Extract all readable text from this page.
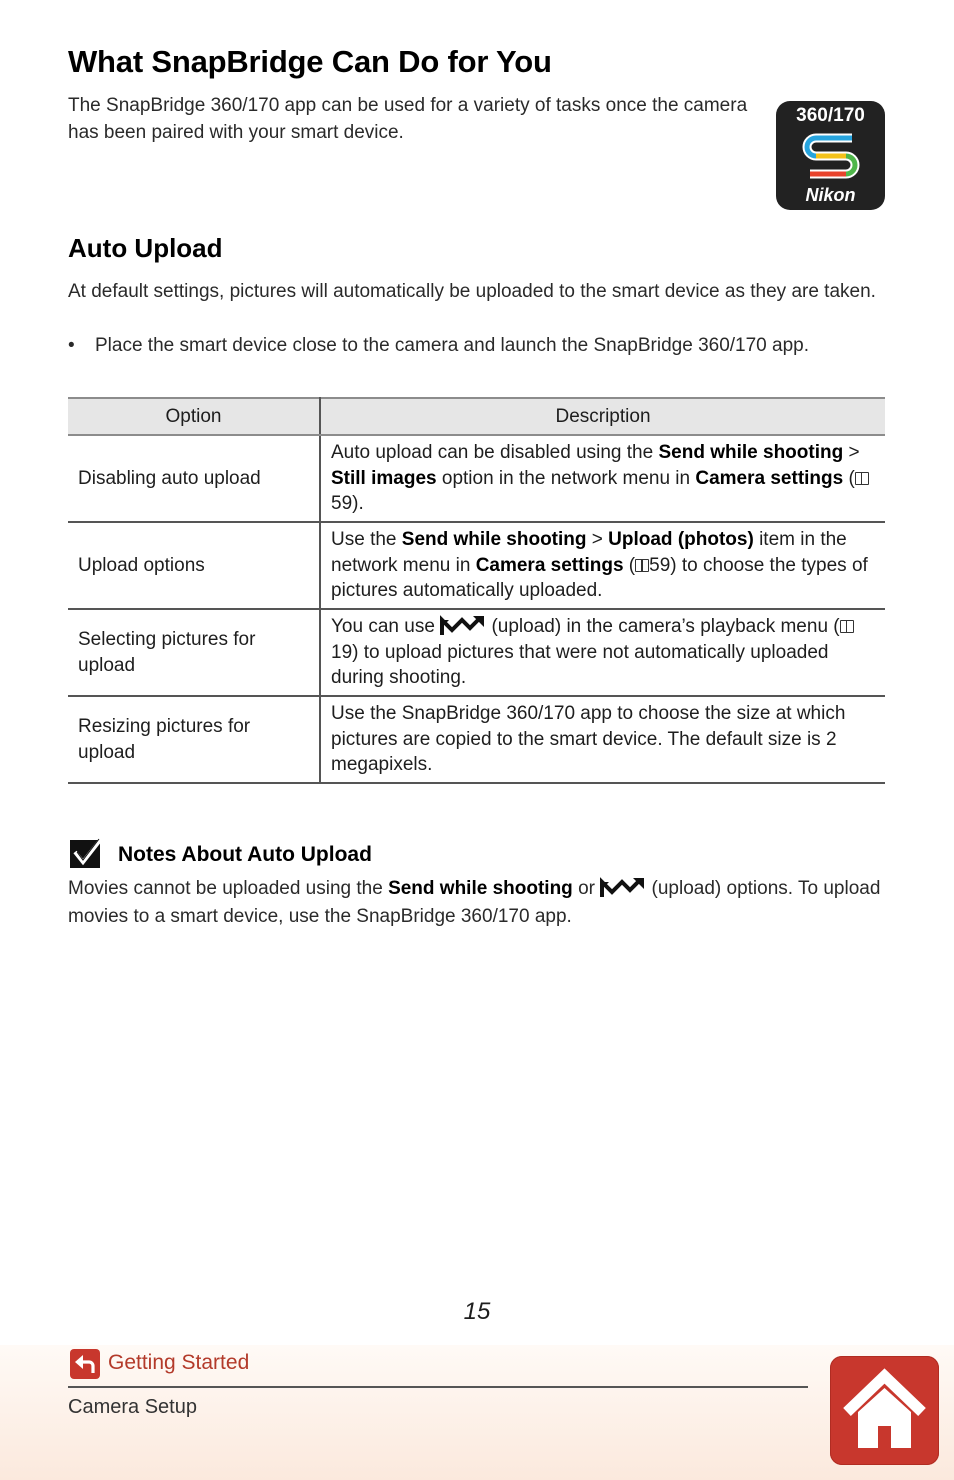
What SnapBridge Can Do for You
The SnapBridge 360/170 app can be used for a variety of tasks once the camera has been paired with your smart device.
360/170
Nikon
Auto Upload
At default settings, pictures will automatically be uploaded to the smart device as they are taken.
• Place the smart device close to the camera and launch the SnapBridge 360/170 app.
Option	Description
Disabling auto upload	Auto upload can be disabled using the Send while shooting > Still images option in the network menu in Camera settings (59).
Upload options	Use the Send while shooting > Upload (photos) item in the network menu in Camera settings ( 59) to choose the types of pictures automatically uploaded.
Selecting pictures for upload	You can use  (upload) in the camera’s playback menu (19) to upload pictures that were not automatically uploaded during shooting.
Resizing pictures for upload	Use the SnapBridge 360/170 app to choose the size at which pictures are copied to the smart device. The default size is 2 megapixels.
Notes About Auto Upload
Movies cannot be uploaded using the Send while shooting or  (upload) options. To upload movies to a smart device, use the SnapBridge 360/170 app.
15
Getting Started
Camera Setup
